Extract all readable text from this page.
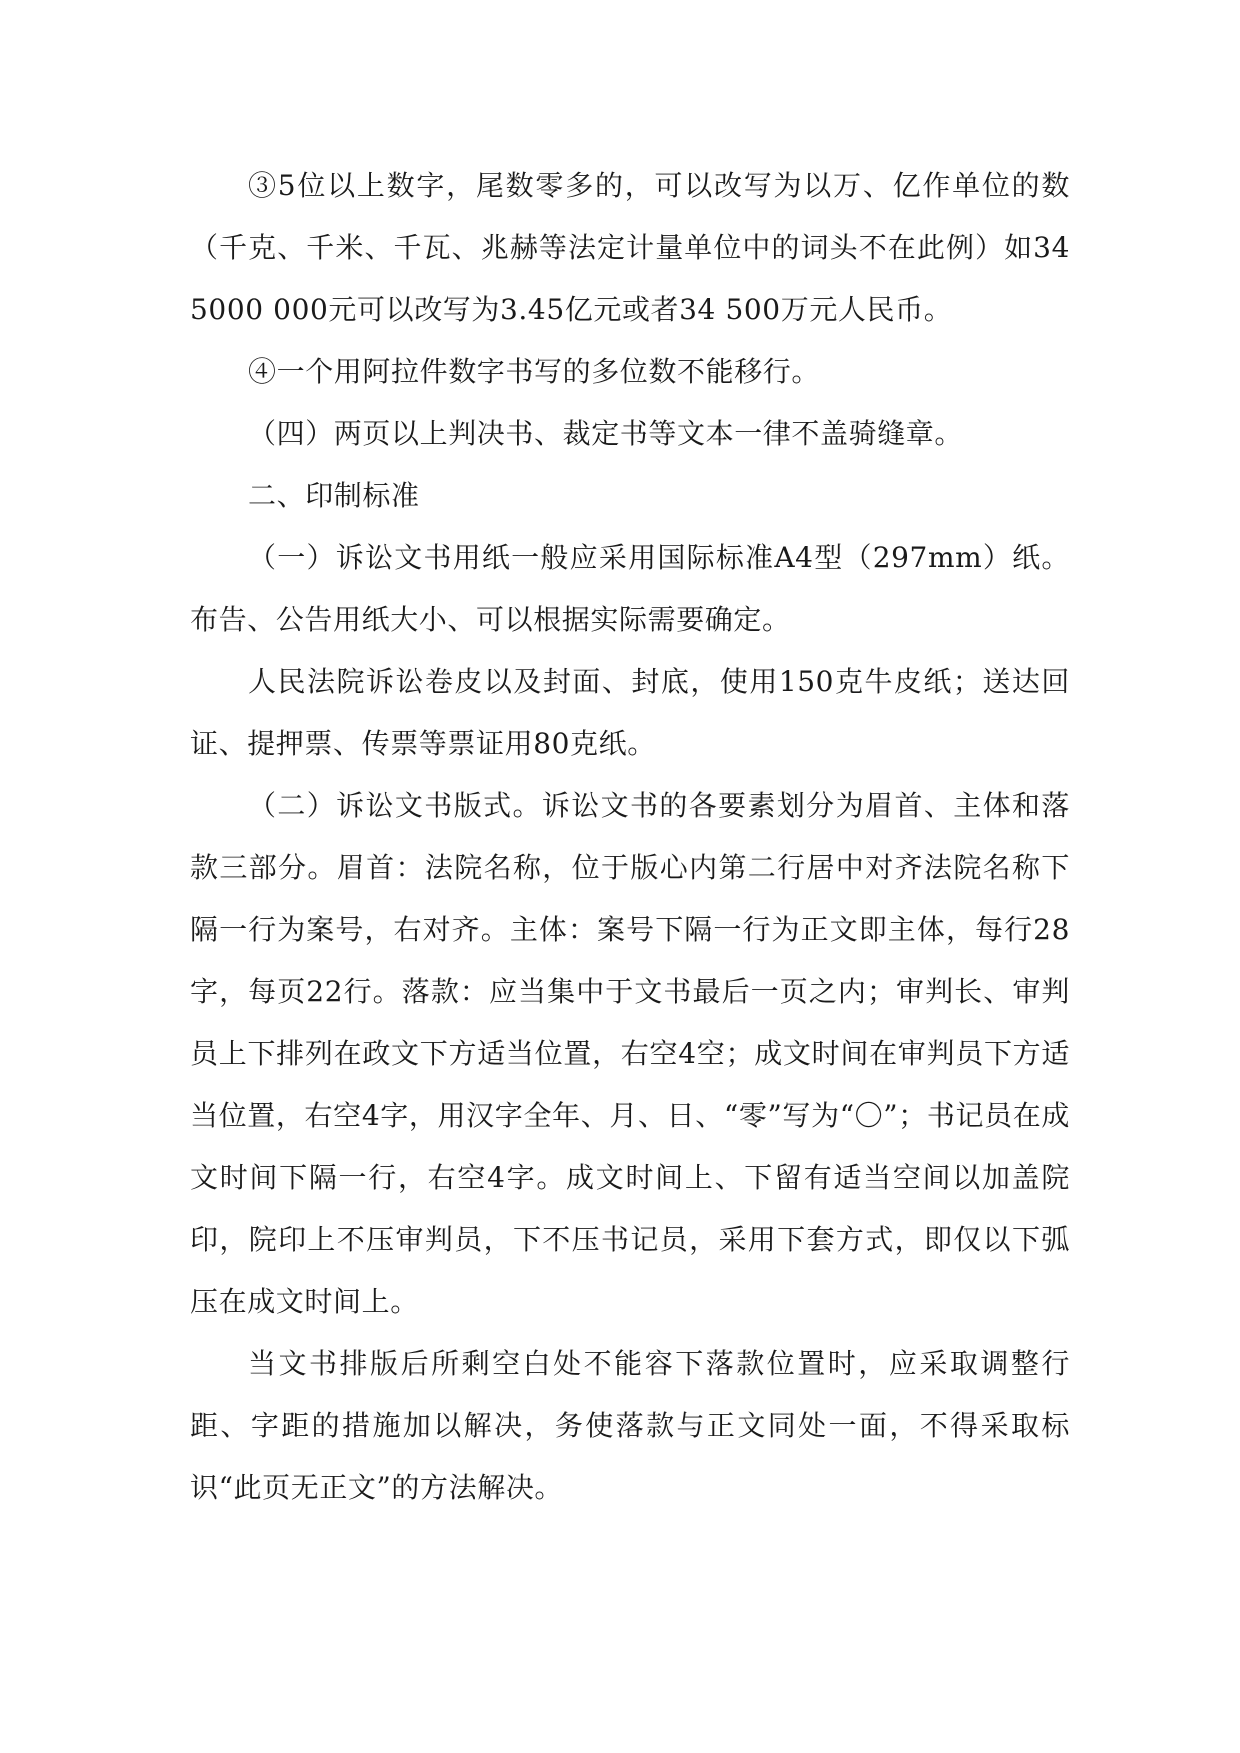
③5位以上数字，尾数零多的，可以改写为以万、亿作单位的数（千克、千米、千瓦、兆赫等法定计量单位中的词头不在此例）如345000 000元可以改写为3.45亿元或者34 500万元人民币。

④一个用阿拉件数字书写的多位数不能移行。

（四）两页以上判决书、裁定书等文本一律不盖骑缝章。

二、印制标准

（一）诉讼文书用纸一般应采用国际标准A4型（297mm）纸。布告、公告用纸大小、可以根据实际需要确定。

人民法院诉讼卷皮以及封面、封底，使用150克牛皮纸；送达回证、提押票、传票等票证用80克纸。

（二）诉讼文书版式。诉讼文书的各要素划分为眉首、主体和落款三部分。眉首：法院名称，位于版心内第二行居中对齐法院名称下隔一行为案号，右对齐。主体：案号下隔一行为正文即主体，每行28字，每页22行。落款：应当集中于文书最后一页之内；审判长、审判员上下排列在政文下方适当位置，右空4空；成文时间在审判员下方适当位置，右空4字，用汉字全年、月、日、“零”写为“〇”；书记员在成文时间下隔一行，右空4字。成文时间上、下留有适当空间以加盖院印，院印上不压审判员，下不压书记员，采用下套方式，即仅以下弧压在成文时间上。

当文书排版后所剩空白处不能容下落款位置时，应采取调整行距、字距的措施加以解决，务使落款与正文同处一面，不得采取标识“此页无正文”的方法解决。
